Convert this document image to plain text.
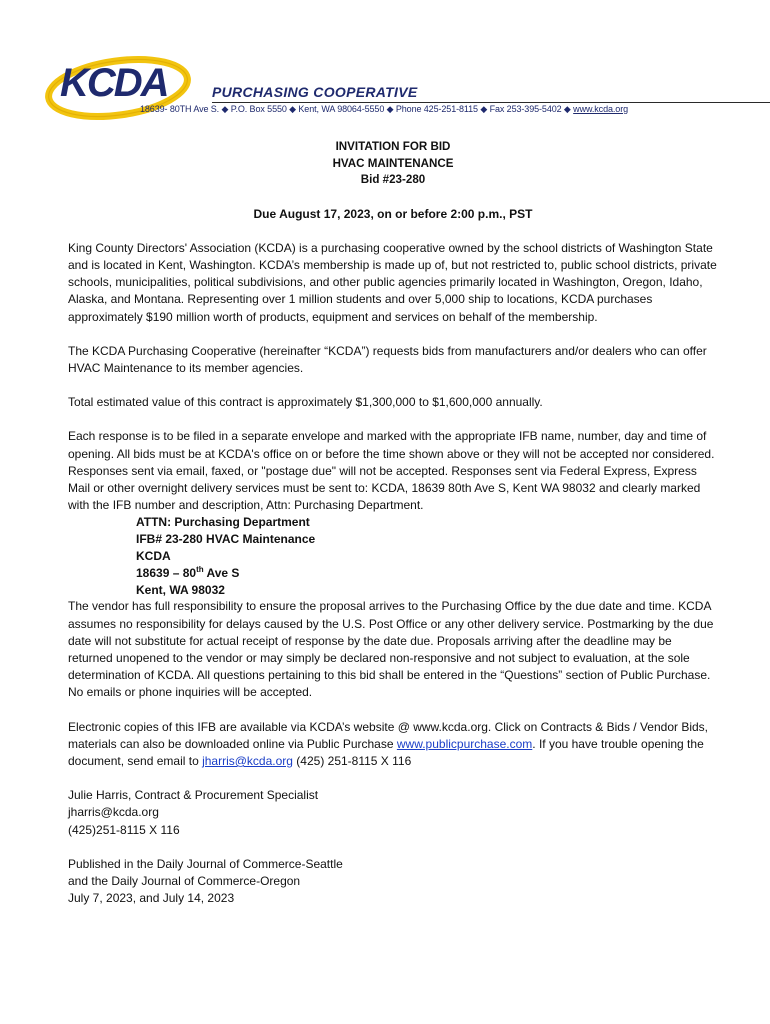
KCDA	PURCHASING COOPERATIVE
18639- 80TH Ave S. ◆ P.O. Box 5550 ◆ Kent, WA 98064-5550 ◆ Phone 425-251-8115 ◆ Fax 253-395-5402 ◆ www.kcda.org
INVITATION FOR BID
HVAC MAINTENANCE
Bid #23-280
Due August 17, 2023, on or before 2:00 p.m., PST

King County Directors' Association (KCDA) is a purchasing cooperative owned by the school districts of Washington State and is located in Kent, Washington. KCDA’s membership is made up of, but not restricted to, public school districts, private schools, municipalities, political subdivisions, and other public agencies primarily located in Washington, Oregon, Idaho, Alaska, and Montana. Representing over 1 million students and over 5,000 ship to locations, KCDA purchases approximately $190 million worth of products, equipment and services on behalf of the membership.

The KCDA Purchasing Cooperative (hereinafter “KCDA”) requests bids from manufacturers and/or dealers who can offer HVAC Maintenance to its member agencies.

Total estimated value of this contract is approximately $1,300,000 to $1,600,000 annually.

Each response is to be filed in a separate envelope and marked with the appropriate IFB name, number, day and time of opening. All bids must be at KCDA's office on or before the time shown above or they will not be accepted nor considered. Responses sent via email, faxed, or "postage due" will not be accepted. Responses sent via Federal Express, Express Mail or other overnight delivery services must be sent to: KCDA, 18639 80th Ave S, Kent WA 98032 and clearly marked with the IFB number and description, Attn: Purchasing Department.

ATTN: Purchasing Department
IFB# 23-280 HVAC Maintenance
KCDA
18639 – 80th Ave S
Kent, WA 98032

The vendor has full responsibility to ensure the proposal arrives to the Purchasing Office by the due date and time. KCDA assumes no responsibility for delays caused by the U.S. Post Office or any other delivery service. Postmarking by the due date will not substitute for actual receipt of response by the date due. Proposals arriving after the deadline may be returned unopened to the vendor or may simply be declared non-responsive and not subject to evaluation, at the sole determination of KCDA. All questions pertaining to this bid shall be entered in the “Questions” section of Public Purchase. No emails or phone inquiries will be accepted.

Electronic copies of this IFB are available via KCDA’s website @ www.kcda.org. Click on Contracts & Bids / Vendor Bids, materials can also be downloaded online via Public Purchase www.publicpurchase.com. If you have trouble opening the document, send email to jharris@kcda.org (425) 251-8115 X 116

Julie Harris, Contract & Procurement Specialist
jharris@kcda.org
(425)251-8115 X 116
Published in the Daily Journal of Commerce-Seattle
and the Daily Journal of Commerce-Oregon
July 7, 2023, and July 14, 2023
